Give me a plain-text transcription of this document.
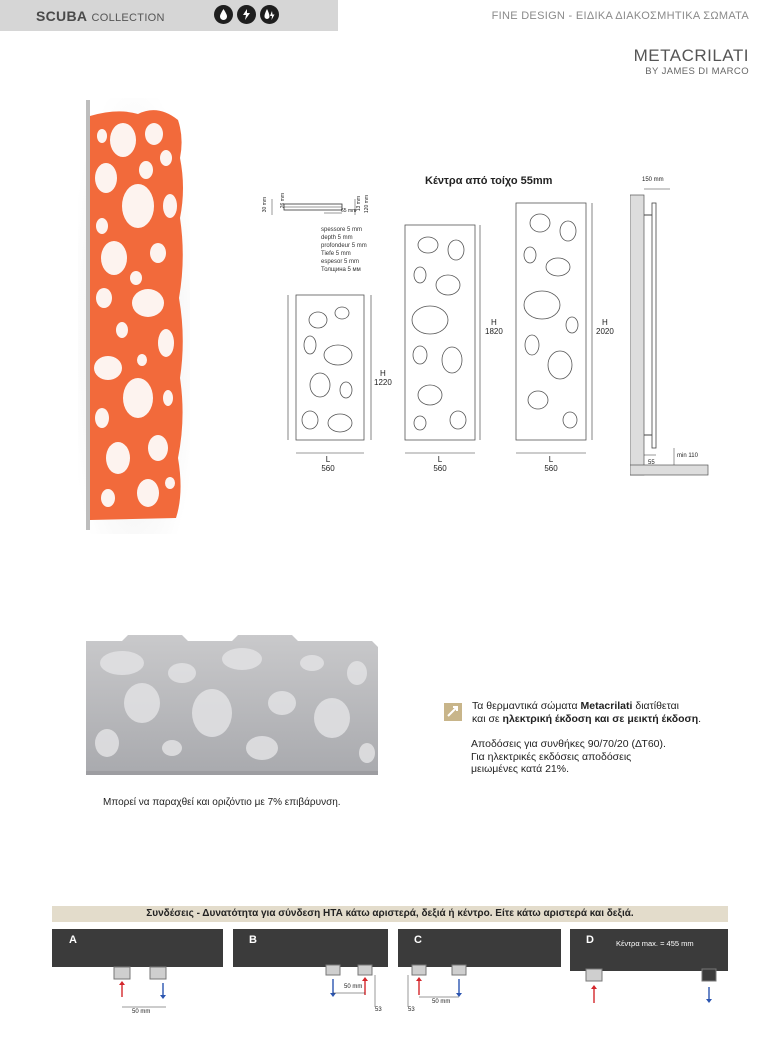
SCUBA COLLECTION	FINE DESIGN - ΕΙΔΙΚΑ ΔΙΑΚΟΣΜΗΤΙΚΑ ΣΩΜΑΤΑ
METACRILATI
BY JAMES DI MARCO
Κέντρα από τοίχο 55mm
30 mm 26 mm
65 mm 13 mm 120 mm
spessore 5 mm
depth 5 mm
profondeur 5 mm
Tiefe 5 mm
espesor 5 mm
Толщина 5 мм
H
1220
L
560
H
1820
L
560
H
2020
L
560
150 mm
55
min 110
Μπορεί να παραχθεί και οριζόντιο με 7% επιβάρυνση.
Τα θερμαντικά σώματα Metacrilati διατίθεται
και σε ηλεκτρική έκδοση και σε μεικτή έκδοση.
Αποδόσεις για συνθήκες 90/70/20 (ΔΤ60).
Για ηλεκτρικές εκδόσεις αποδόσεις
μειωμένες κατά 21%.
Συνδέσεις - Δυνατότητα για σύνδεση ΗΤΑ κάτω αριστερά, δεξιά ή κέντρο. Είτε κάτω αριστερά και δεξιά.
A
50 mm
B
50 mm
53
C
53
50 mm
D	Κέντρα max. = 455 mm
